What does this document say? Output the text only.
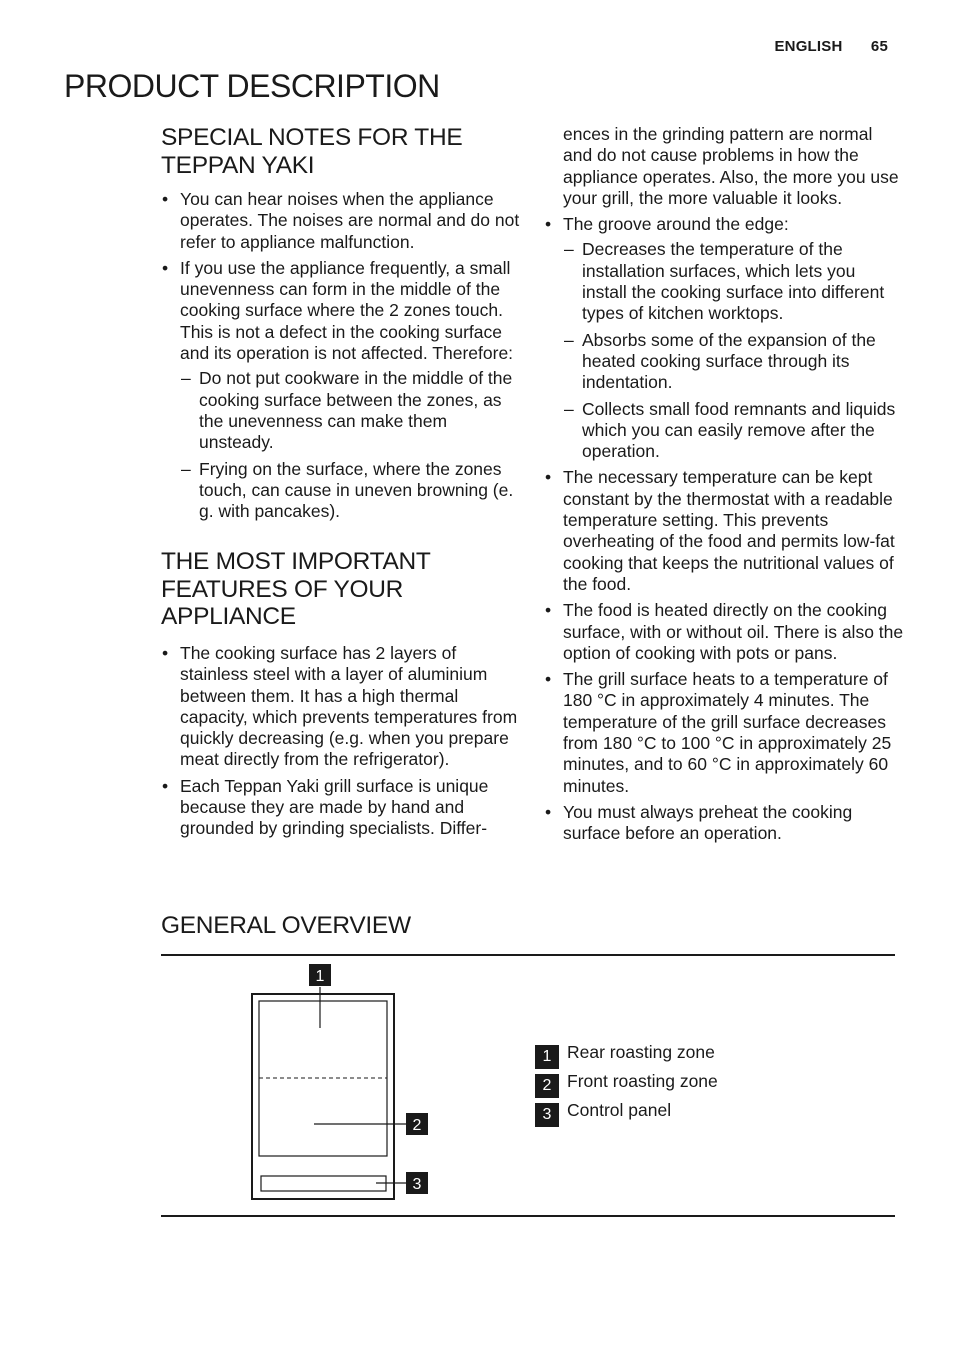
ENGLISH 65
PRODUCT DESCRIPTION
SPECIAL NOTES FOR THE TEPPAN YAKI
• You can hear noises when the appliance operates. The noises are normal and do not refer to appliance malfunction.
• If you use the appliance frequently, a small unevenness can form in the middle of the cooking surface where the 2 zones touch. This is not a defect in the cooking surface and its operation is not affected. Therefore:
– Do not put cookware in the middle of the cooking surface between the zones, as the unevenness can make them unsteady.
– Frying on the surface, where the zones touch, can cause in uneven browning (e. g. with pancakes).
THE MOST IMPORTANT FEATURES OF YOUR APPLIANCE
• The cooking surface has 2 layers of stainless steel with a layer of aluminium between them. It has a high thermal capacity, which prevents temperatures from quickly decreasing (e.g. when you prepare meat directly from the refrigerator).
• Each Teppan Yaki grill surface is unique because they are made by hand and grounded by grinding specialists. Differ-
ences in the grinding pattern are normal and do not cause problems in how the appliance operates. Also, the more you use your grill, the more valuable it looks.
• The groove around the edge:
– Decreases the temperature of the installation surfaces, which lets you install the cooking surface into different types of kitchen worktops.
– Absorbs some of the expansion of the heated cooking surface through its indentation.
– Collects small food remnants and liquids which you can easily remove after the operation.
• The necessary temperature can be kept constant by the thermostat with a readable temperature setting. This prevents overheating of the food and permits low-fat cooking that keeps the nutritional values of the food.
• The food is heated directly on the cooking surface, with or without oil. There is also the option of cooking with pots or pans.
• The grill surface heats to a temperature of 180 °C in approximately 4 minutes. The temperature of the grill surface decreases from 180 °C to 100 °C in approximately 25 minutes, and to 60 °C in approximately 60 minutes.
• You must always preheat the cooking surface before an operation.
GENERAL OVERVIEW
1
2
3
1 Rear roasting zone
2 Front roasting zone
3 Control panel
